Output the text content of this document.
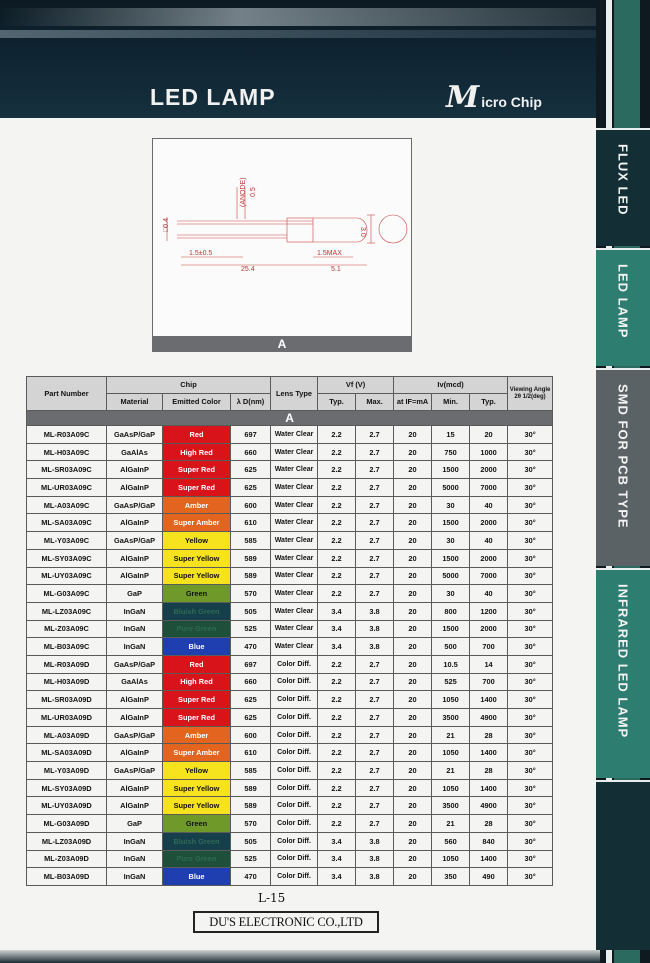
LED LAMP	Micro Chip
FLUX LED
LED LAMP
SMD FOR PCB TYPE
INFRARED LED LAMP
□0.4
1.5±0.5
25.4
1.5MAX
5.1
3.0
(ANODE) 0.5
A
Part Number	Chip			Lens Type	Vf (V)		Iv(mcd)			Viewing Angle 2θ 1/2(deg)
	Material	Emitted Color	λ D(nm)		Typ.	Max.	at IF=mA	Min.	Typ.	
A										
ML-R03A09C	GaAsP/GaP	Red	697	Water Clear	2.2	2.7	20	15	20	30°
ML-H03A09C	GaAlAs	High Red	660	Water Clear	2.2	2.7	20	750	1000	30°
ML-SR03A09C	AlGaInP	Super Red	625	Water Clear	2.2	2.7	20	1500	2000	30°
ML-UR03A09C	AlGaInP	Super Red	625	Water Clear	2.2	2.7	20	5000	7000	30°
ML-A03A09C	GaAsP/GaP	Amber	600	Water Clear	2.2	2.7	20	30	40	30°
ML-SA03A09C	AlGaInP	Super Amber	610	Water Clear	2.2	2.7	20	1500	2000	30°
ML-Y03A09C	GaAsP/GaP	Yellow	585	Water Clear	2.2	2.7	20	30	40	30°
ML-SY03A09C	AlGaInP	Super Yellow	589	Water Clear	2.2	2.7	20	1500	2000	30°
ML-UY03A09C	AlGaInP	Super Yellow	589	Water Clear	2.2	2.7	20	5000	7000	30°
ML-G03A09C	GaP	Green	570	Water Clear	2.2	2.7	20	30	40	30°
ML-LZ03A09C	InGaN	Bluish Green	505	Water Clear	3.4	3.8	20	800	1200	30°
ML-Z03A09C	InGaN	Pure Green	525	Water Clear	3.4	3.8	20	1500	2000	30°
ML-B03A09C	InGaN	Blue	470	Water Clear	3.4	3.8	20	500	700	30°
ML-R03A09D	GaAsP/GaP	Red	697	Color Diff.	2.2	2.7	20	10.5	14	30°
ML-H03A09D	GaAlAs	High Red	660	Color Diff.	2.2	2.7	20	525	700	30°
ML-SR03A09D	AlGaInP	Super Red	625	Color Diff.	2.2	2.7	20	1050	1400	30°
ML-UR03A09D	AlGaInP	Super Red	625	Color Diff.	2.2	2.7	20	3500	4900	30°
ML-A03A09D	GaAsP/GaP	Amber	600	Color Diff.	2.2	2.7	20	21	28	30°
ML-SA03A09D	AlGaInP	Super Amber	610	Color Diff.	2.2	2.7	20	1050	1400	30°
ML-Y03A09D	GaAsP/GaP	Yellow	585	Color Diff.	2.2	2.7	20	21	28	30°
ML-SY03A09D	AlGaInP	Super Yellow	589	Color Diff.	2.2	2.7	20	1050	1400	30°
ML-UY03A09D	AlGaInP	Super Yellow	589	Color Diff.	2.2	2.7	20	3500	4900	30°
ML-G03A09D	GaP	Green	570	Color Diff.	2.2	2.7	20	21	28	30°
ML-LZ03A09D	InGaN	Bluish Green	505	Color Diff.	3.4	3.8	20	560	840	30°
ML-Z03A09D	InGaN	Pure Green	525	Color Diff.	3.4	3.8	20	1050	1400	30°
ML-B03A09D	InGaN	Blue	470	Color Diff.	3.4	3.8	20	350	490	30°
L-15
DU'S ELECTRONIC CO.,LTD
